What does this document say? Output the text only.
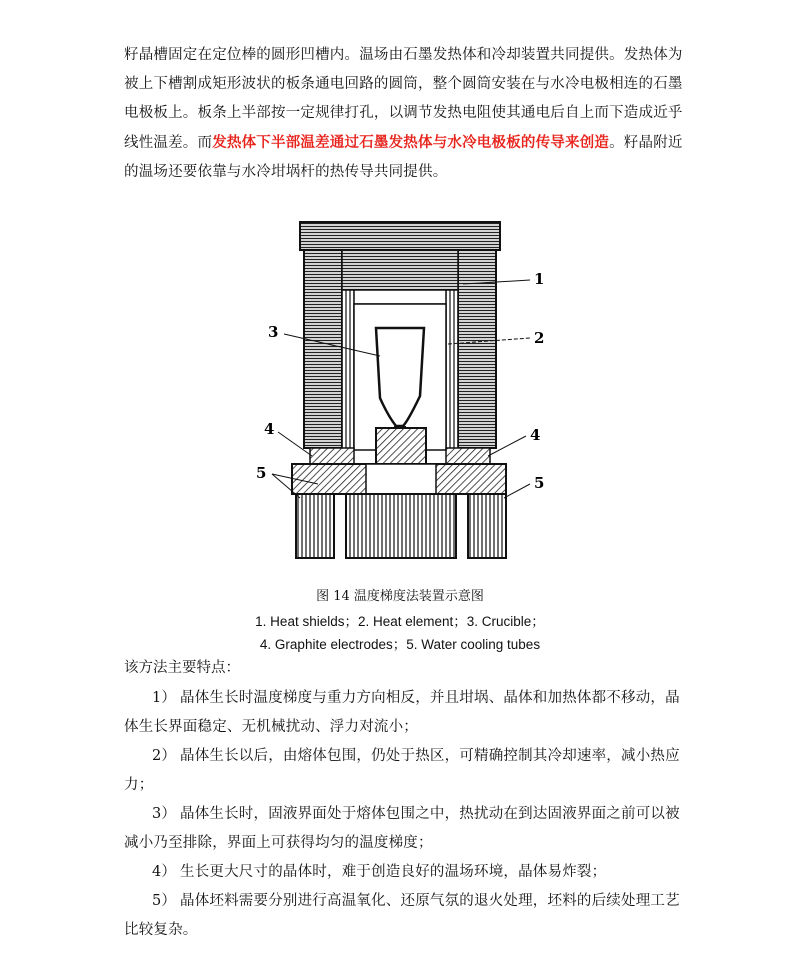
籽晶槽固定在定位棒的圆形凹槽内。温场由石墨发热体和冷却装置共同提供。发热体为被上下槽割成矩形波状的板条通电回路的圆筒，整个圆筒安装在与水冷电极相连的石墨电极板上。板条上半部按一定规律打孔，以调节发热电阻使其通电后自上而下造成近乎线性温差。而发热体下半部温差通过石墨发热体与水冷电极板的传导来创造。籽晶附近的温场还要依靠与水冷坩埚杆的热传导共同提供。

1
2
3
4	4
5
5
图 14 温度梯度法装置示意图
1. Heat shields；2. Heat element；3. Crucible；
4. Graphite electrodes；5. Water cooling tubes
该方法主要特点：
1） 晶体生长时温度梯度与重力方向相反，并且坩埚、晶体和加热体都不移动，晶体生长界面稳定、无机械扰动、浮力对流小；
2） 晶体生长以后，由熔体包围，仍处于热区，可精确控制其冷却速率，减小热应力；
3） 晶体生长时，固液界面处于熔体包围之中，热扰动在到达固液界面之前可以被减小乃至排除，界面上可获得均匀的温度梯度；
4） 生长更大尺寸的晶体时，难于创造良好的温场环境，晶体易炸裂；
5） 晶体坯料需要分别进行高温氧化、还原气氛的退火处理，坯料的后续处理工艺比较复杂。
